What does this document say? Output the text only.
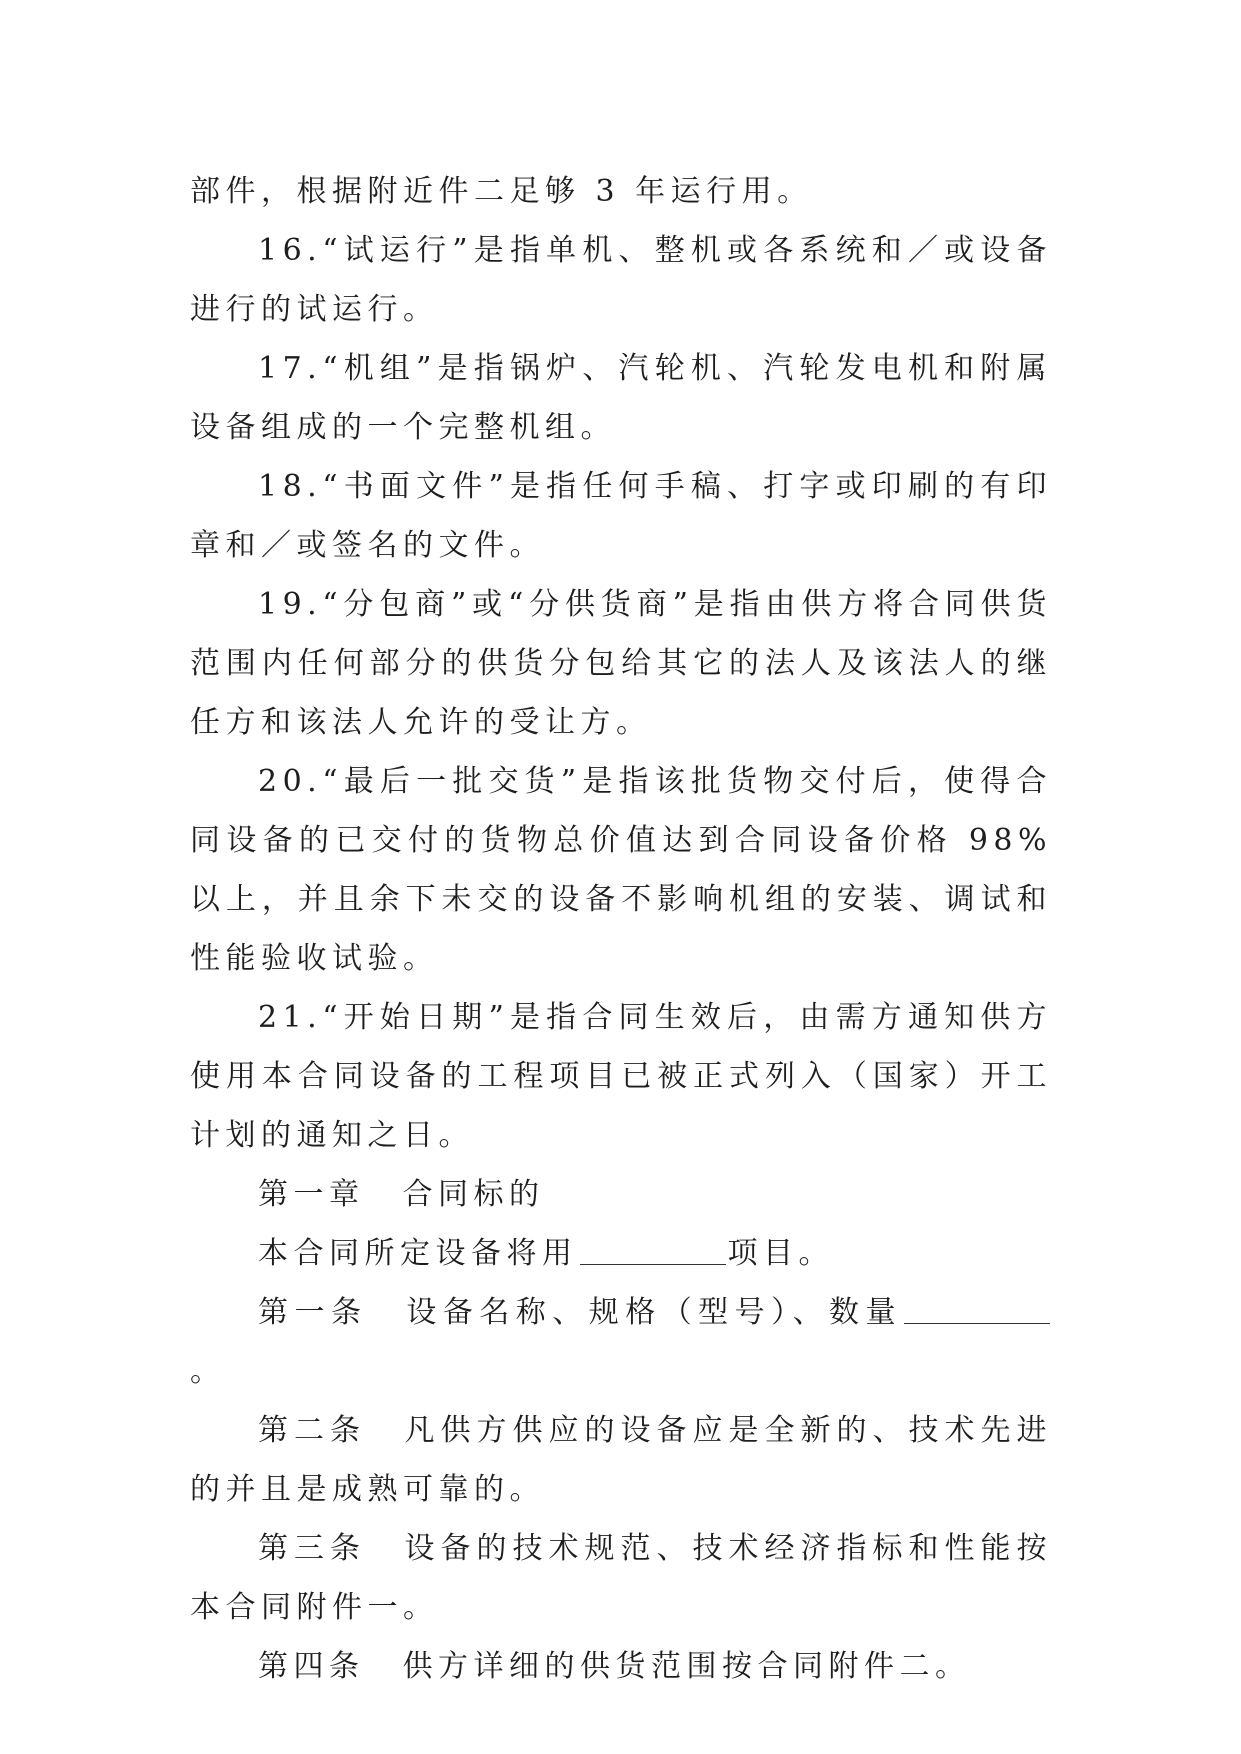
部件，根据附近件二足够 3 年运行用。

16.“试运行”是指单机、整机或各系统和／或设备进行的试运行。

17.“机组”是指锅炉、汽轮机、汽轮发电机和附属设备组成的一个完整机组。

18.“书面文件”是指任何手稿、打字或印刷的有印章和／或签名的文件。

19.“分包商”或“分供货商”是指由供方将合同供货范围内任何部分的供货分包给其它的法人及该法人的继任方和该法人允许的受让方。

20.“最后一批交货”是指该批货物交付后，使得合同设备的已交付的货物总价值达到合同设备价格 98%以上，并且余下未交的设备不影响机组的安装、调试和性能验收试验。

21.“开始日期”是指合同生效后，由需方通知供方使用本合同设备的工程项目已被正式列入（国家）开工计划的通知之日。

第一章 合同标的

本合同所定设备将用	项目。

第一条 设备名称、规格（型号）、数量。

第二条 凡供方供应的设备应是全新的、技术先进的并且是成熟可靠的。

第三条 设备的技术规范、技术经济指标和性能按本合同附件一。

第四条 供方详细的供货范围按合同附件二。
